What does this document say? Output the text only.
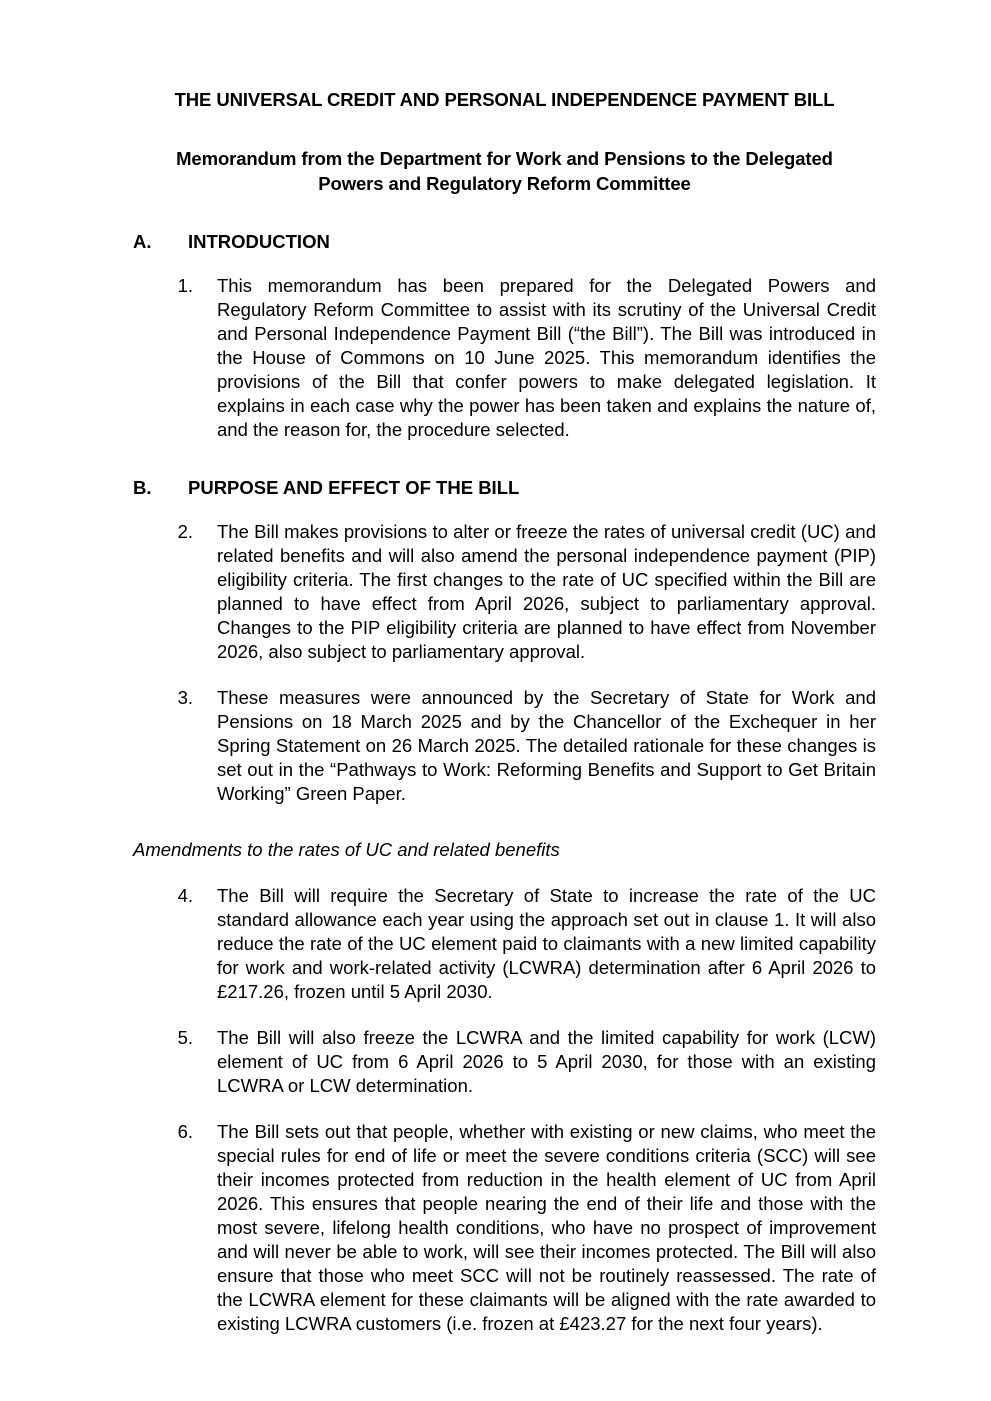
THE UNIVERSAL CREDIT AND PERSONAL INDEPENDENCE PAYMENT BILL
Memorandum from the Department for Work and Pensions to the Delegated Powers and Regulatory Reform Committee
A.	INTRODUCTION
1.	This memorandum has been prepared for the Delegated Powers and Regulatory Reform Committee to assist with its scrutiny of the Universal Credit and Personal Independence Payment Bill (“the Bill”). The Bill was introduced in the House of Commons on 10 June 2025. This memorandum identifies the provisions of the Bill that confer powers to make delegated legislation. It explains in each case why the power has been taken and explains the nature of, and the reason for, the procedure selected.
B.	PURPOSE AND EFFECT OF THE BILL
2.	The Bill makes provisions to alter or freeze the rates of universal credit (UC) and related benefits and will also amend the personal independence payment (PIP) eligibility criteria. The first changes to the rate of UC specified within the Bill are planned to have effect from April 2026, subject to parliamentary approval. Changes to the PIP eligibility criteria are planned to have effect from November 2026, also subject to parliamentary approval.
3.	These measures were announced by the Secretary of State for Work and Pensions on 18 March 2025 and by the Chancellor of the Exchequer in her Spring Statement on 26 March 2025. The detailed rationale for these changes is set out in the “Pathways to Work: Reforming Benefits and Support to Get Britain Working” Green Paper.
Amendments to the rates of UC and related benefits
4.	The Bill will require the Secretary of State to increase the rate of the UC standard allowance each year using the approach set out in clause 1. It will also reduce the rate of the UC element paid to claimants with a new limited capability for work and work-related activity (LCWRA) determination after 6 April 2026 to £217.26, frozen until 5 April 2030.
5.	The Bill will also freeze the LCWRA and the limited capability for work (LCW) element of UC from 6 April 2026 to 5 April 2030, for those with an existing LCWRA or LCW determination.
6.	The Bill sets out that people, whether with existing or new claims, who meet the special rules for end of life or meet the severe conditions criteria (SCC) will see their incomes protected from reduction in the health element of UC from April 2026. This ensures that people nearing the end of their life and those with the most severe, lifelong health conditions, who have no prospect of improvement and will never be able to work, will see their incomes protected. The Bill will also ensure that those who meet SCC will not be routinely reassessed. The rate of the LCWRA element for these claimants will be aligned with the rate awarded to existing LCWRA customers (i.e. frozen at £423.27 for the next four years).
